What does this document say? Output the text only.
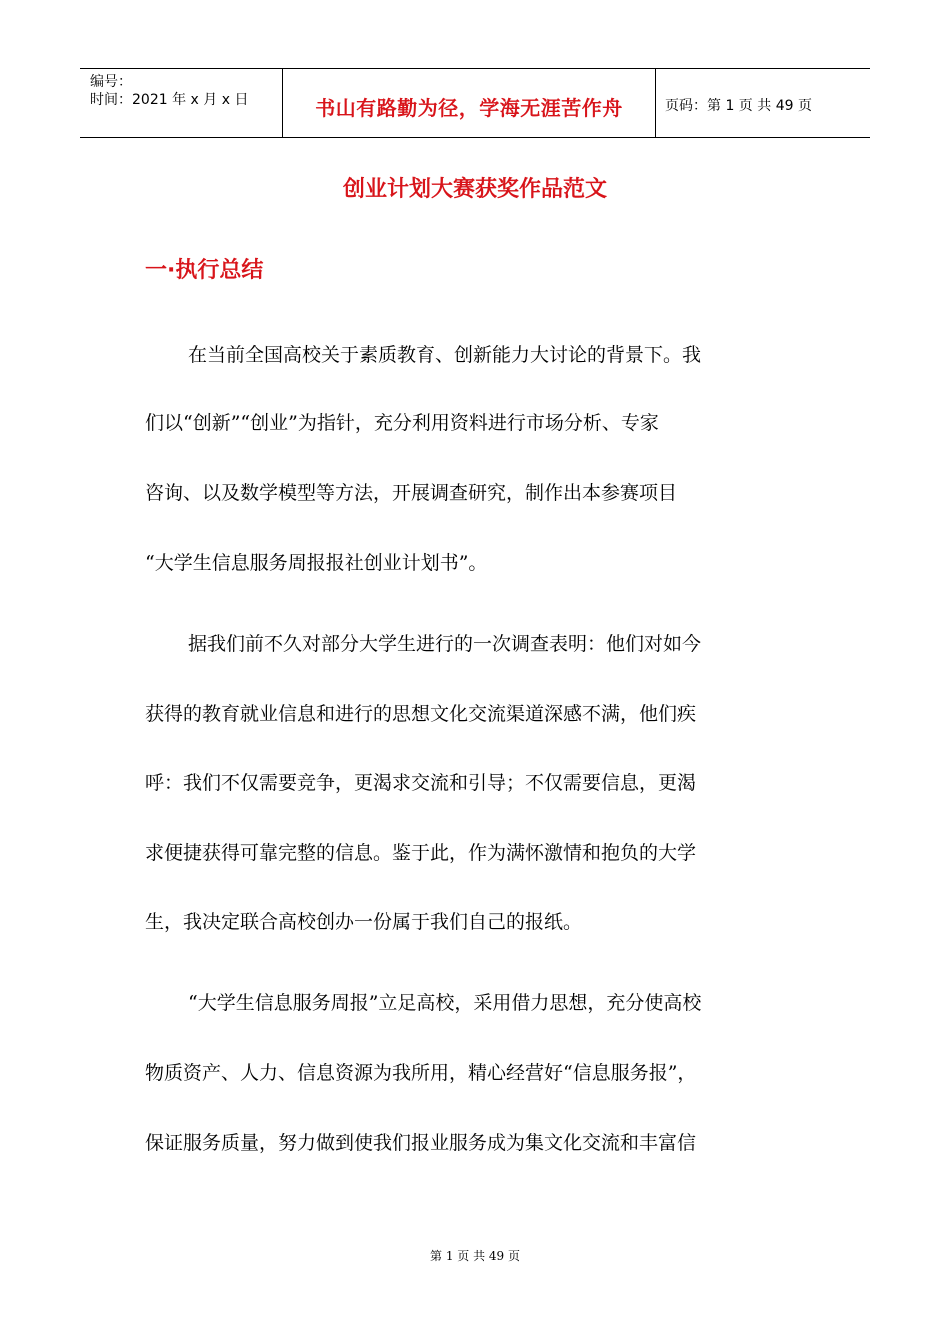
编号：
时间：2021 年 x 月 x 日	书山有路勤为径，学海无涯苦作舟	页码：第 1 页 共 49 页
创业计划大赛获奖作品范文
一·执行总结
在当前全国高校关于素质教育、创新能力大讨论的背景下。我
们以“创新”“创业”为指针，充分利用资料进行市场分析、专家
咨询、以及数学模型等方法，开展调查研究，制作出本参赛项目
“大学生信息服务周报报社创业计划书”。
据我们前不久对部分大学生进行的一次调查表明：他们对如今
获得的教育就业信息和进行的思想文化交流渠道深感不满，他们疾
呼：我们不仅需要竞争，更渴求交流和引导；不仅需要信息，更渴
求便捷获得可靠完整的信息。鉴于此，作为满怀激情和抱负的大学
生，我决定联合高校创办一份属于我们自己的报纸。
“大学生信息服务周报”立足高校，采用借力思想，充分使高校
物质资产、人力、信息资源为我所用，精心经营好“信息服务报”，
保证服务质量，努力做到使我们报业服务成为集文化交流和丰富信
第 1 页 共 49 页
